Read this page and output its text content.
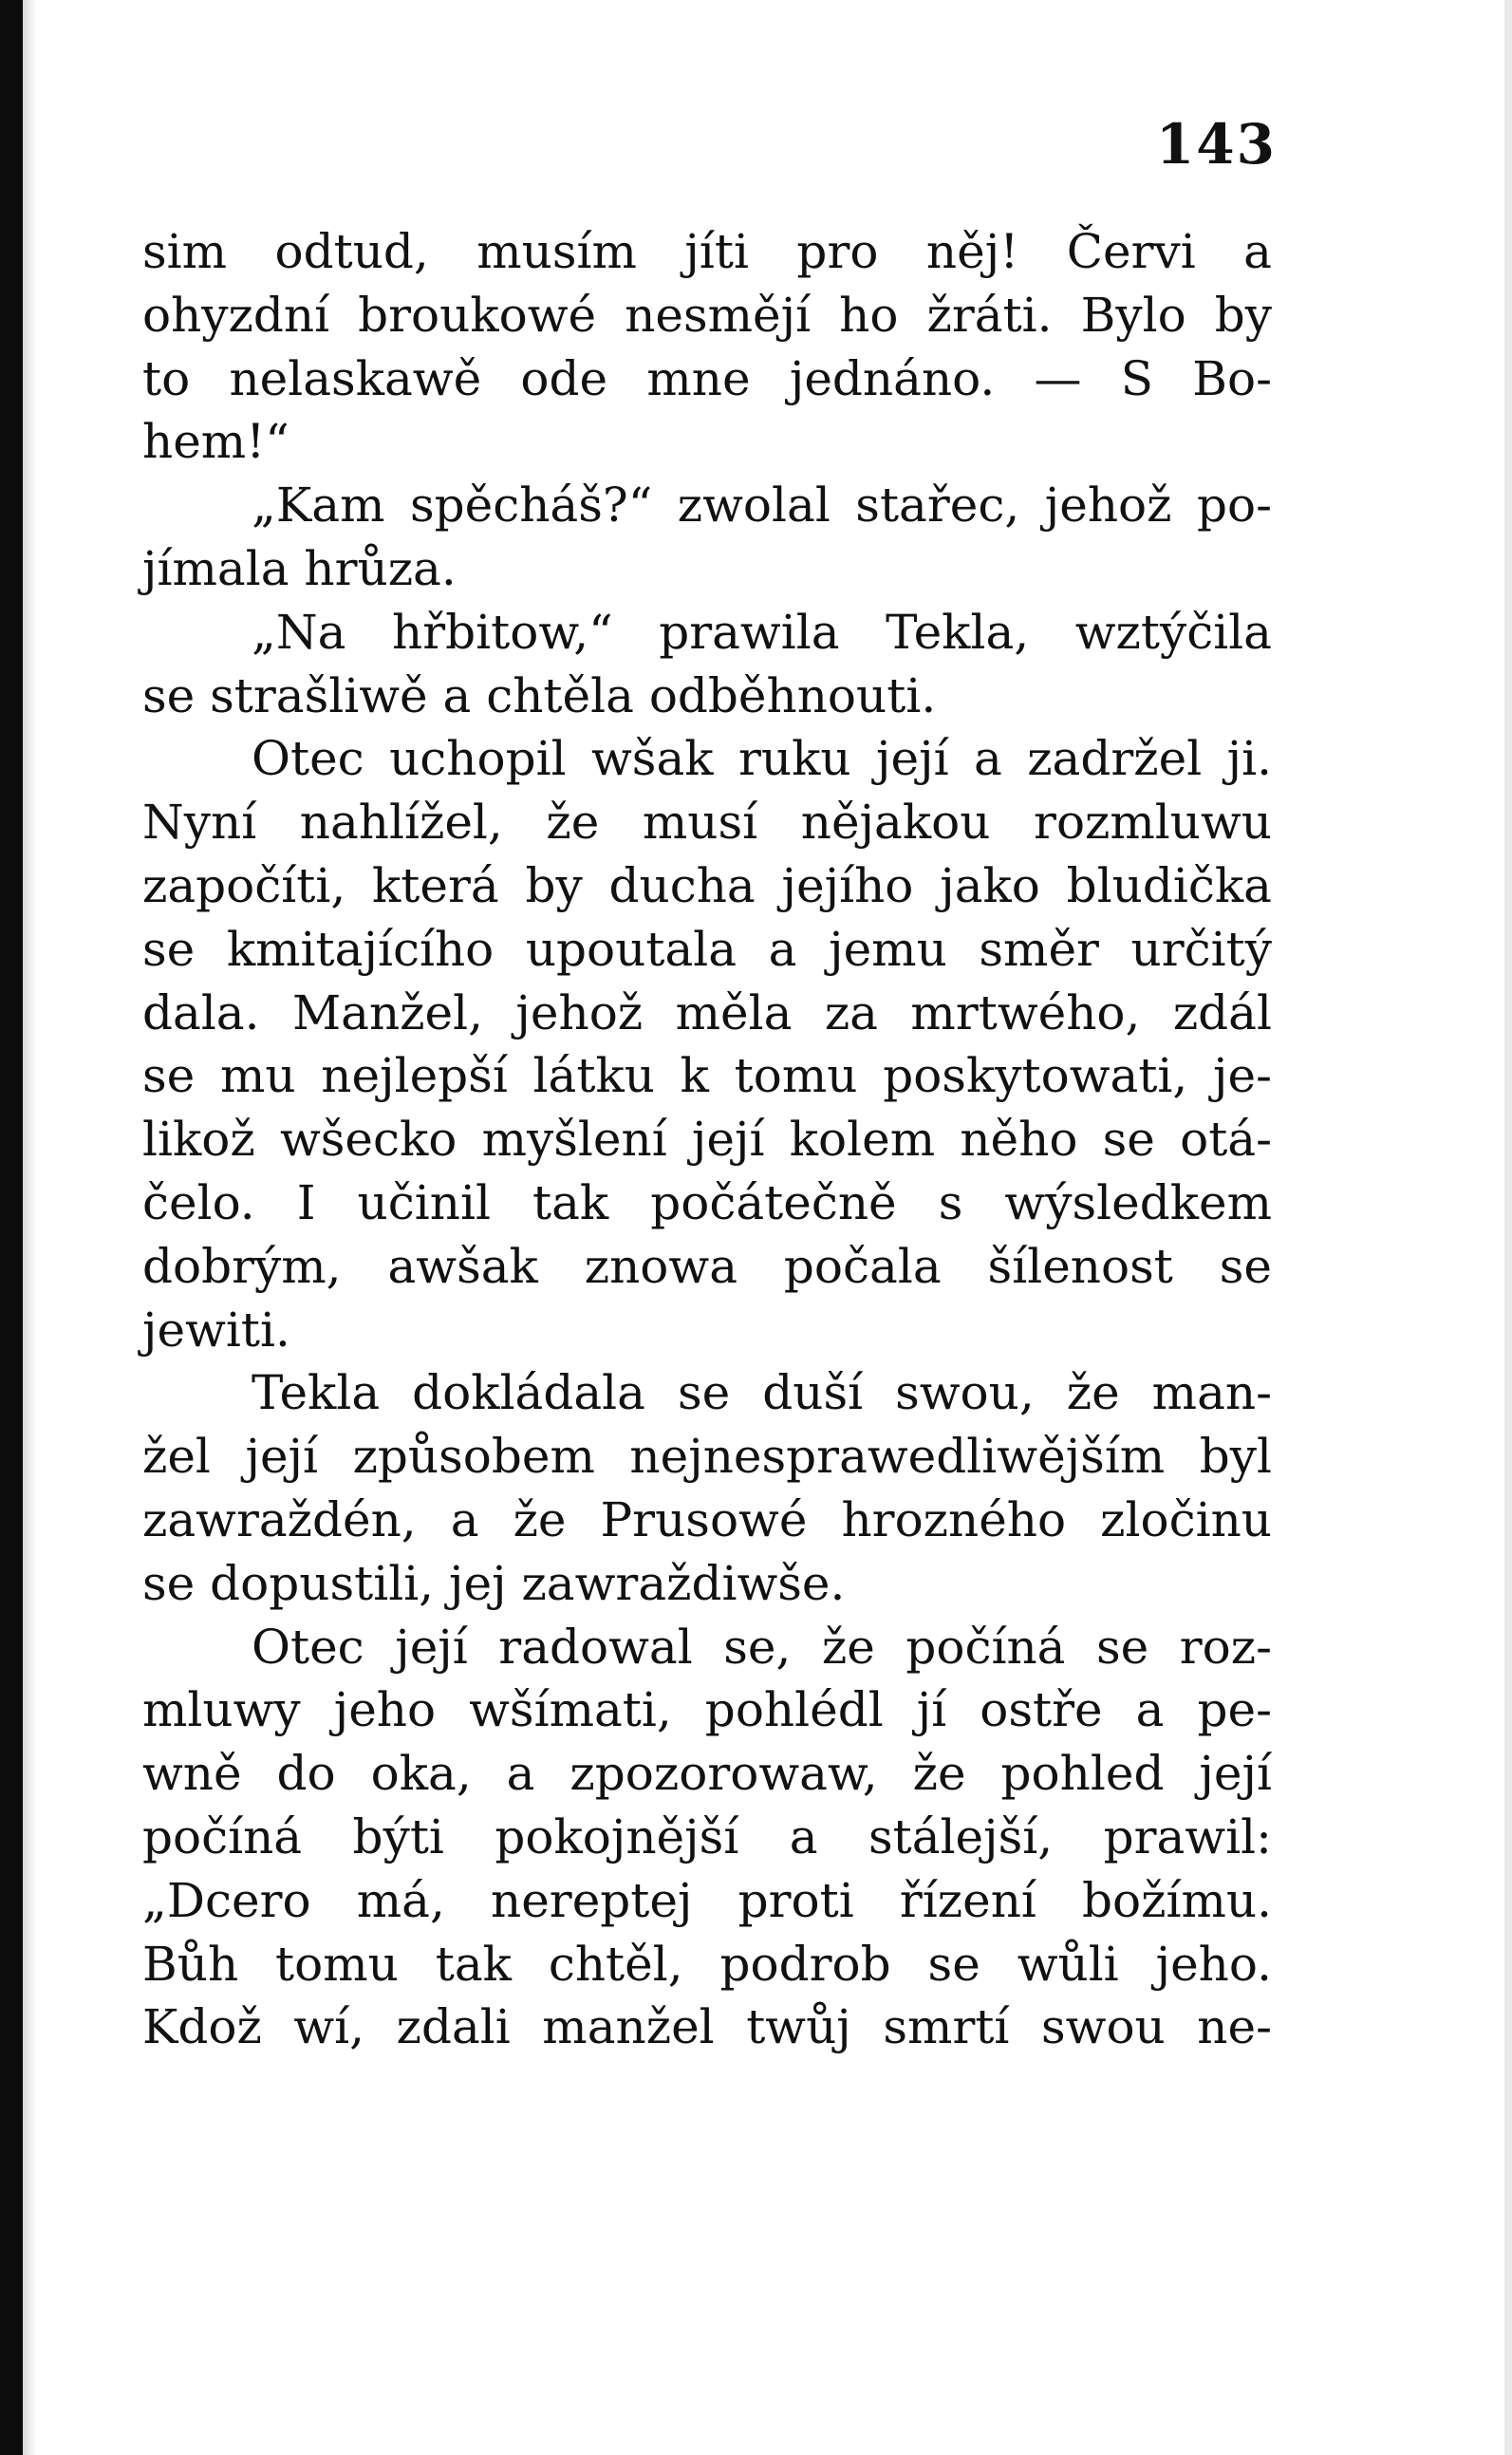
143
sim odtud, musím jíti pro něj! Červi a
ohyzdní broukowé nesmějí ho žráti. Bylo by
to nelaskawě ode mne jednáno. — S Bo-
hem!“
„Kam spěcháš?“ zwolal stařec, jehož po-
jímala hrůza.
„Na hřbitow,“ prawila Tekla, wztýčila
se strašliwě a chtěla odběhnouti.
Otec uchopil wšak ruku její a zadržel ji.
Nyní nahlížel, že musí nějakou rozmluwu
započíti, která by ducha jejího jako bludička
se kmitajícího upoutala a jemu směr určitý
dala. Manžel, jehož měla za mrtwého, zdál
se mu nejlepší látku k tomu poskytowati, je-
likož wšecko myšlení její kolem něho se otá-
čelo. I učinil tak počátečně s wýsledkem
dobrým, awšak znowa počala šílenost se
jewiti.
Tekla dokládala se duší swou, že man-
žel její způsobem nejnesprawedliwějším byl
zawraždén, a že Prusowé hrozného zločinu
se dopustili, jej zawraždiwše.
Otec její radowal se, že počíná se roz-
mluwy jeho wšímati, pohlédl jí ostře a pe-
wně do oka, a zpozorowaw, že pohled její
počíná býti pokojnější a stálejší, prawil:
„Dcero má, nereptej proti řízení božímu.
Bůh tomu tak chtěl, podrob se wůli jeho.
Kdož wí, zdali manžel twůj smrtí swou ne-
